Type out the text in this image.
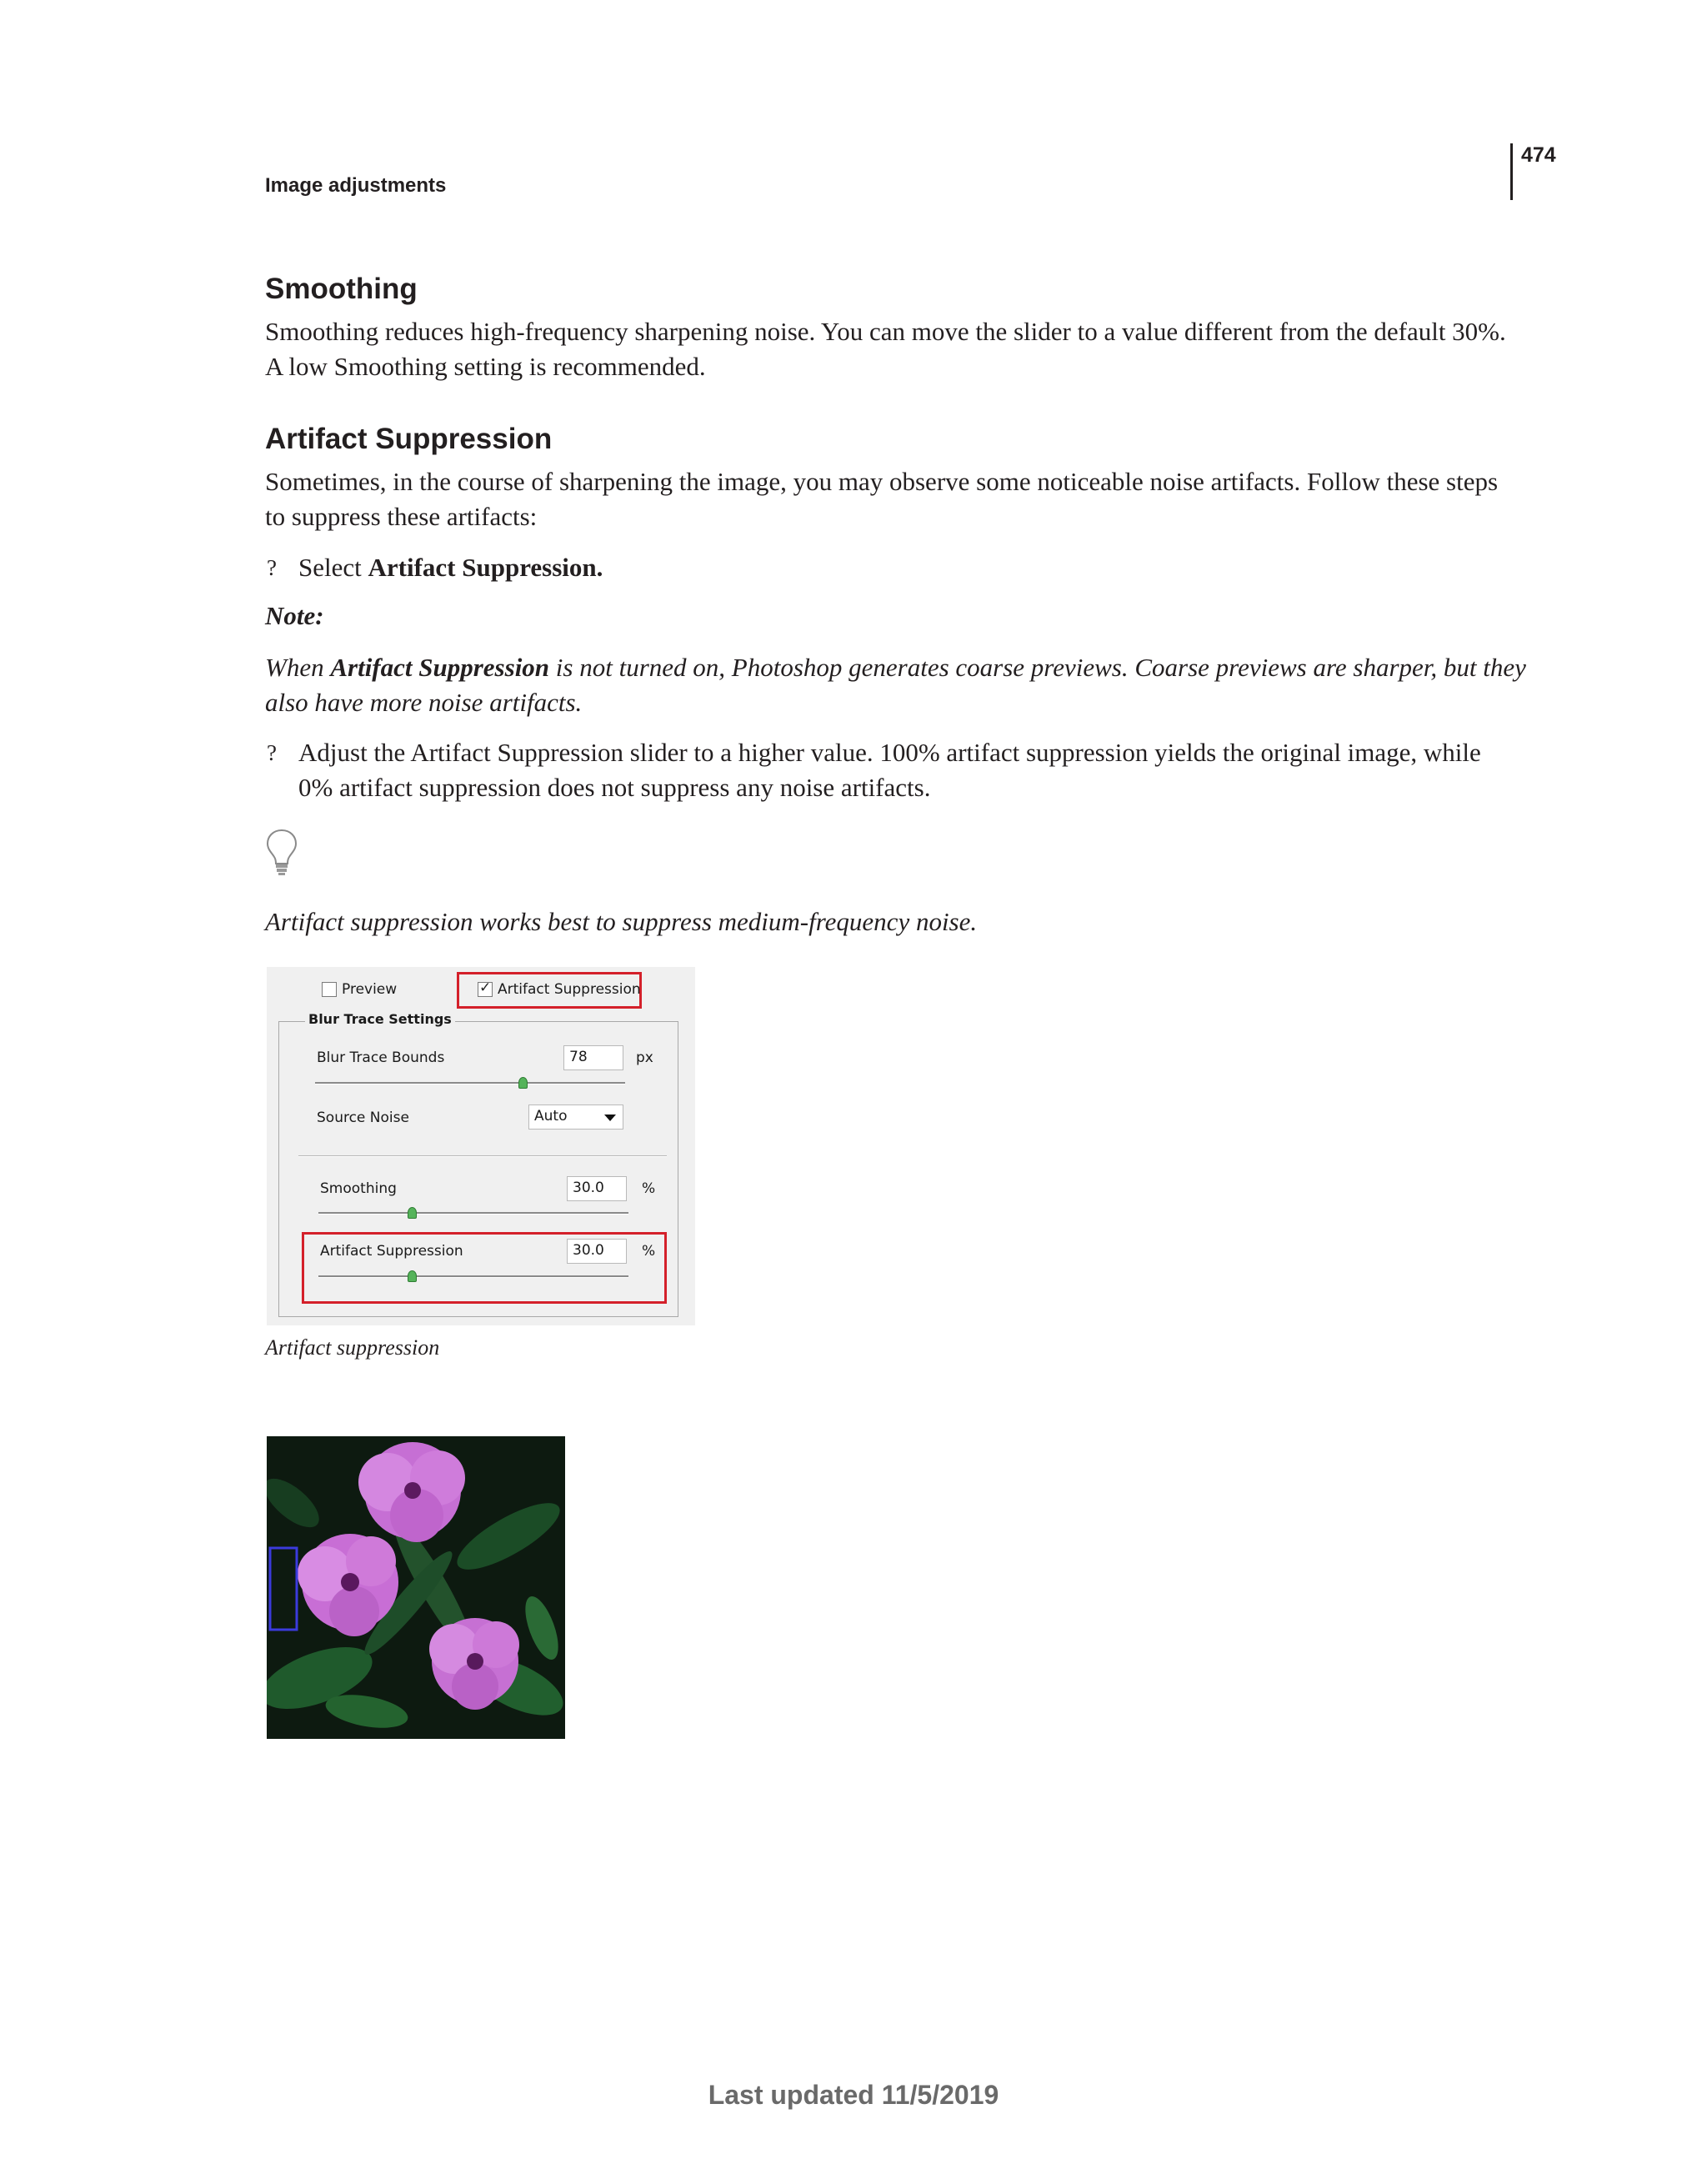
474
Image adjustments
Smoothing

Smoothing reduces high-frequency sharpening noise. You can move the slider to a value different from the default 30%.

A low Smoothing setting is recommended.

Artifact Suppression

Sometimes, in the course of sharpening the image, you may observe some noticeable noise artifacts. Follow these steps

to suppress these artifacts:

? Select Artifact Suppression.

Note:

When Artifact Suppression is not turned on, Photoshop generates coarse previews. Coarse previews are sharper, but they

also have more noise artifacts.

? Adjust the Artifact Suppression slider to a higher value. 100% artifact suppression yields the original image, while

0% artifact suppression does not suppress any noise artifacts.

Artifact suppression works best to suppress medium-frequency noise.

Preview
✓	Artifact Suppression
Blur Trace Settings
Blur Trace Bounds	78	px
Source Noise	Auto
Smoothing	30.0	%
Artifact Suppression	30.0	%

Artifact suppression

Last updated 11/5/2019
